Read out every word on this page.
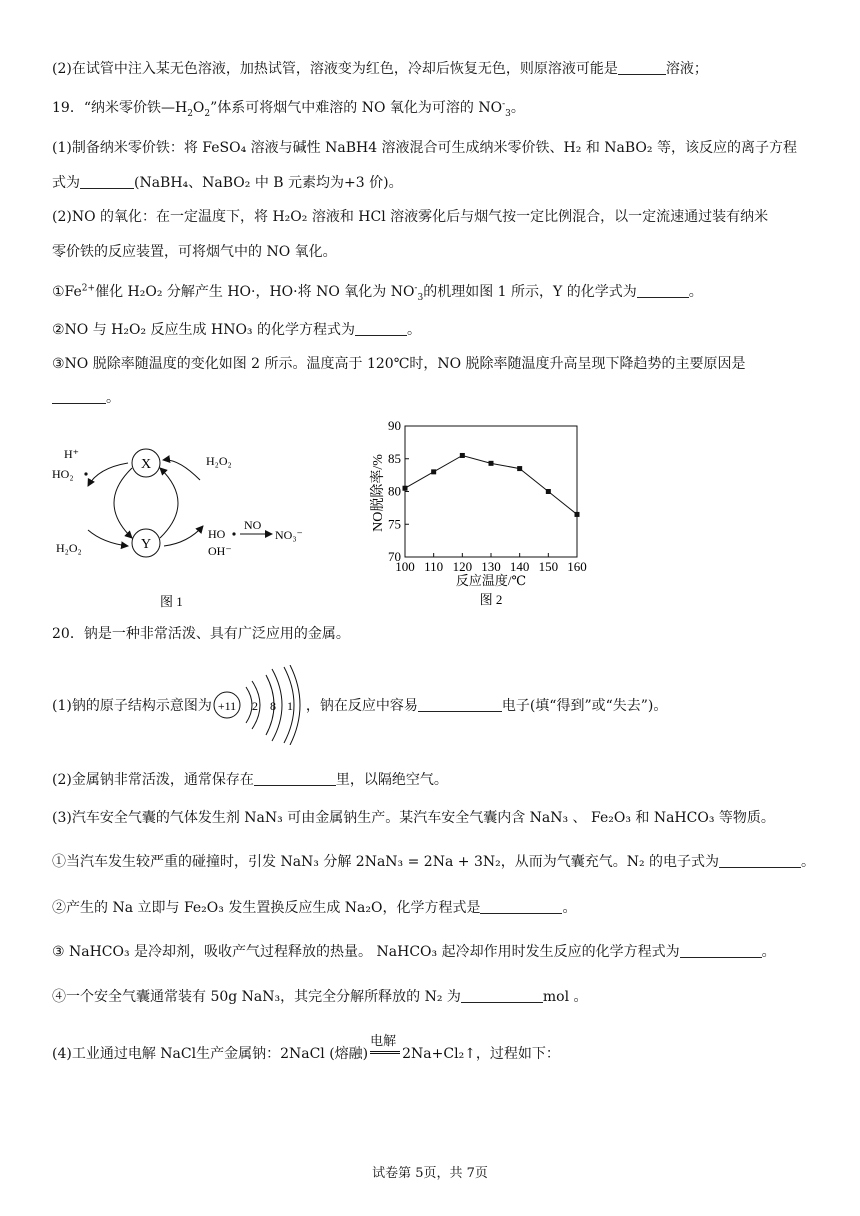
(2)在试管中注入某无色溶液，加热试管，溶液变为红色，冷却后恢复无色，则原溶液可能是	溶液；
19．“纳米零价铁$—H_2O_2$”体系可将烟气中难溶的 NO 氧化为可溶的 $NO^-_3$。
(1)制备纳米零价铁：将 FeSO₄ 溶液与碱性 NaBH4 溶液混合可生成纳米零价铁、H₂ 和 NaBO₂ 等，该反应的离子方程
式为	(NaBH₄、NaBO₂ 中 B 元素均为+3 价)。
(2)NO 的氧化：在一定温度下，将 H₂O₂ 溶液和 HCl 溶液雾化后与烟气按一定比例混合，以一定流速通过装有纳米
零价铁的反应装置，可将烟气中的 NO 氧化。
$①Fe^{2+}$催化 H₂O₂ 分解产生 HO·，HO·将 NO 氧化为 $NO^-_3$的机理如图 1 所示，Y 的化学式为	。
②NO 与 H₂O₂ 反应生成 HNO₃ 的化学方程式为	。
③NO 脱除率随温度的变化如图 2 所示。温度高于 120℃时，NO 脱除率随温度升高呈现下降趋势的主要原因是
。
X
Y
H⁺
HO₂
H₂O₂
H₂O₂
HO
OH⁻
NO
NO₃⁻
图 1
70
75
80
85
90
100 110 120 130 140 150 160
NO脱除率/%
反应温度/℃
图 2
20．钠是一种非常活泼、具有广泛应用的金属。
(1)钠的原子结构示意图为 +11 2 8 1 ，钠在反应中容易	电子(填“得到”或“失去”)。
(2)金属钠非常活泼，通常保存在	里，以隔绝空气。
(3)汽车安全气囊的气体发生剂 NaN₃ 可由金属钠生产。某汽车安全气囊内含 NaN₃ 、 Fe₂O₃ 和 NaHCO₃ 等物质。
①当汽车发生较严重的碰撞时，引发 NaN₃ 分解 2NaN₃ = 2Na + 3N₂，从而为气囊充气。N₂ 的电子式为	。
②产生的 Na 立即与 Fe₂O₃ 发生置换反应生成 Na₂O，化学方程式是	。
③ NaHCO₃ 是冷却剂，吸收产气过程释放的热量。 NaHCO₃ 起冷却作用时发生反应的化学方程式为	。
④一个安全气囊通常装有 50g NaN₃，其完全分解所释放的 N₂ 为	mol 。
(4)工业通过电解 NaCl生产金属钠：2NaCl (熔融)
电解
2Na+Cl₂↑，过程如下：
试卷第 5页，共 7页
